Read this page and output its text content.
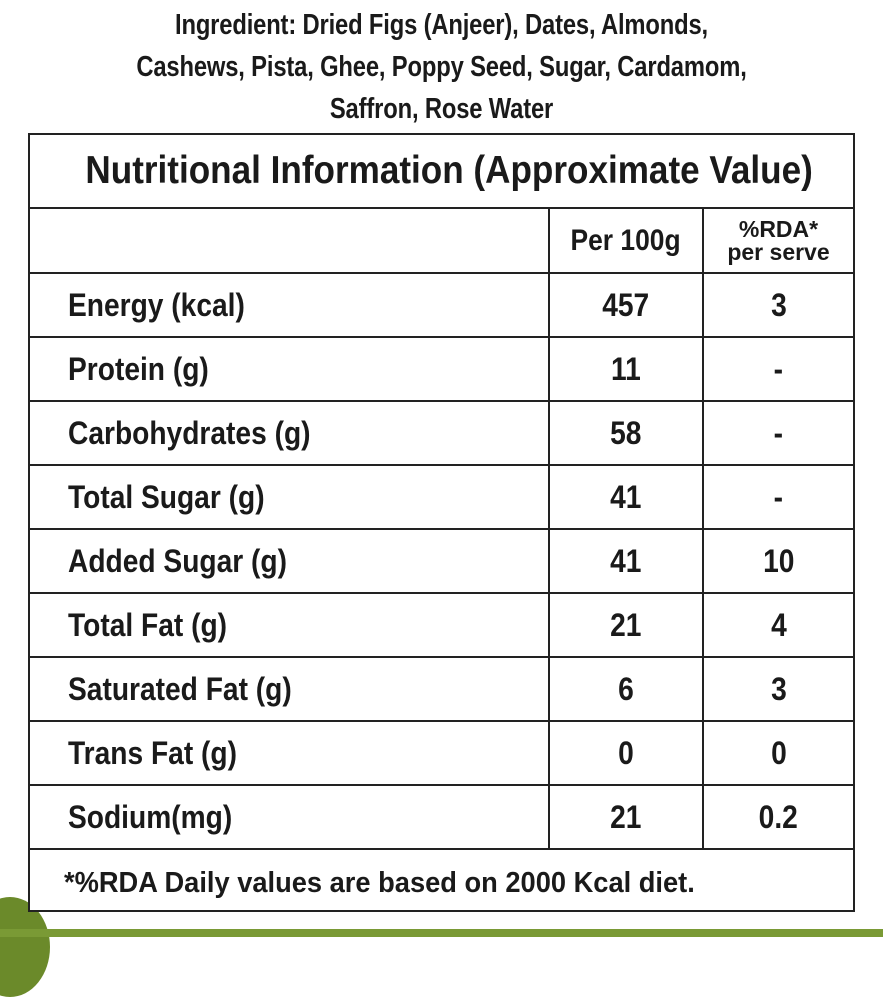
Ingredient: Dried Figs (Anjeer), Dates, Almonds,
Cashews, Pista, Ghee, Poppy Seed, Sugar, Cardamom,
Saffron, Rose Water
Nutritional Information (Approximate Value)
	Per 100g	%RDA*
per serve

Energy (kcal)	457	3
Protein (g)	11	-
Carbohydrates (g)	58	-
Total Sugar (g)	41	-
Added Sugar (g)	41	10
Total Fat (g)	21	4
Saturated Fat (g)	6	3
Trans Fat (g)	0	0
Sodium(mg)	21	0.2
*%RDA Daily values are based on 2000 Kcal diet.
